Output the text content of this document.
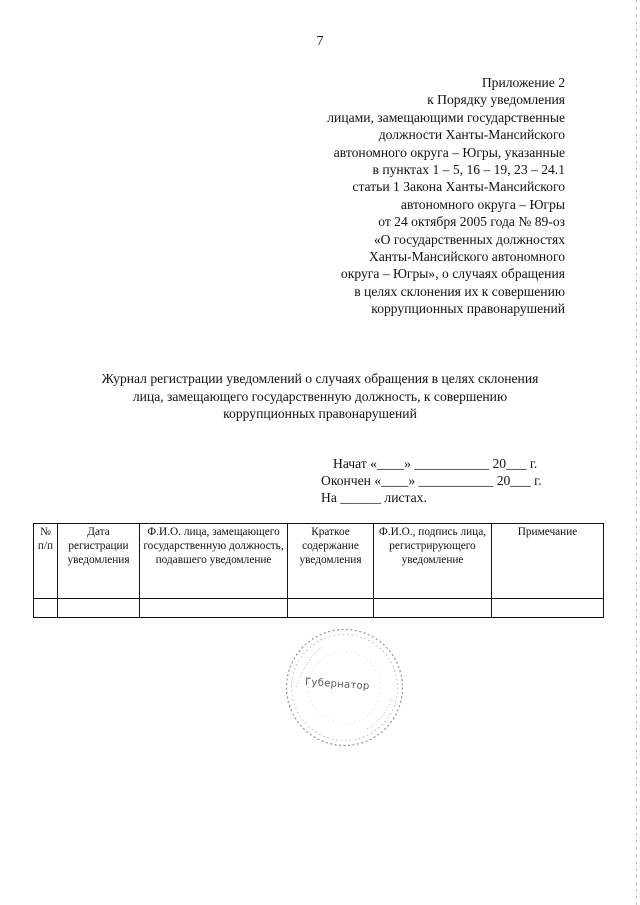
7
Приложение 2
к Порядку уведомления
лицами, замещающими государственные
должности Ханты-Мансийского
автономного округа – Югры, указанные
в пунктах 1 – 5, 16 – 19, 23 – 24.1
статьи 1 Закона Ханты-Мансийского
автономного округа – Югры
от 24 октября 2005 года № 89-оз
«О государственных должностях
Ханты-Мансийского автономного
округа – Югры», о случаях обращения
в целях склонения их к совершению
коррупционных правонарушений
Журнал регистрации уведомлений о случаях обращения в целях склонения
лица, замещающего государственную должность, к совершению
коррупционных правонарушений
Начат «____» ___________ 20___ г.
Окончен «____» ___________ 20___ г.
На ______ листах.
№ п/п	Дата регистрации уведомления	Ф.И.О. лица, замещающего государственную должность, подавшего уведомление	Краткое содержание уведомления	Ф.И.О., подпись лица, регистрирующего уведомление	Примечание

Губернатор
